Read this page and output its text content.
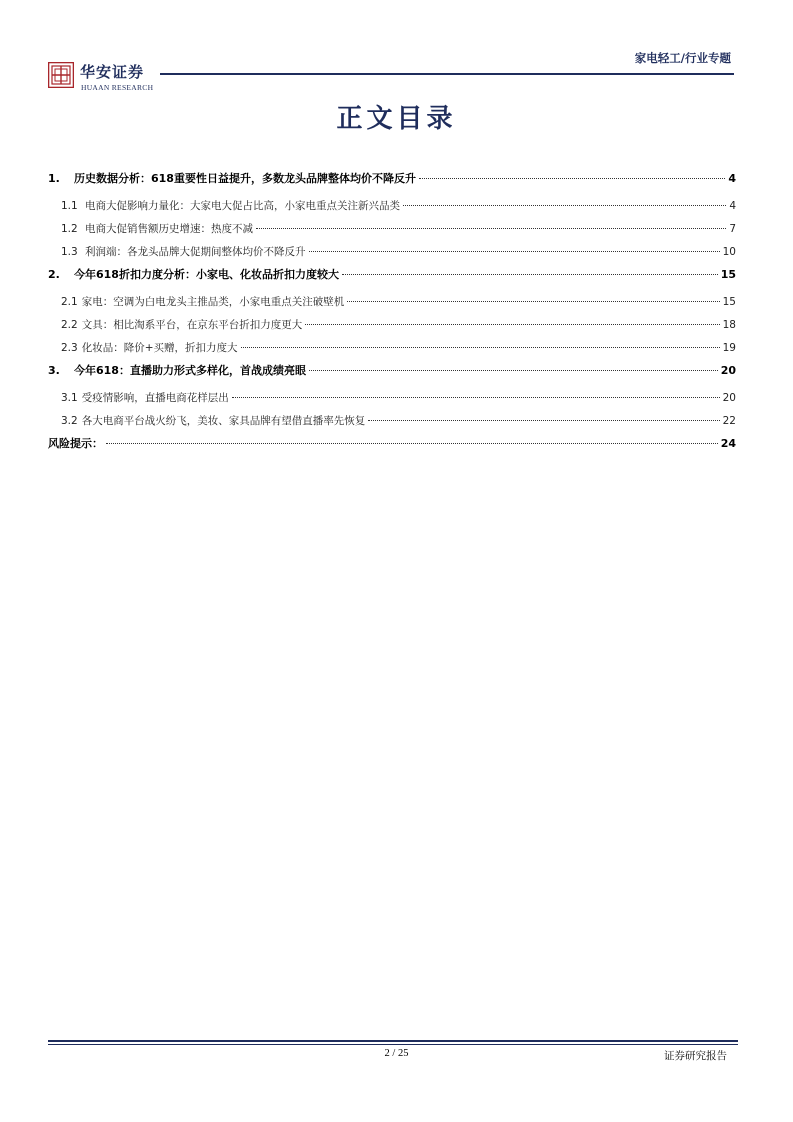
华安证券
HUAAN RESEARCH
家电轻工/行业专题
正文目录
1. 历史数据分析：618重要性日益提升，多数龙头品牌整体均价不降反升	4
1.1 电商大促影响力量化：大家电大促占比高，小家电重点关注新兴品类	4
1.2 电商大促销售额历史增速：热度不减	7
1.3 利润端：各龙头品牌大促期间整体均价不降反升	10
2. 今年618折扣力度分析：小家电、化妆品折扣力度较大	15
2.1 家电：空调为白电龙头主推品类，小家电重点关注破壁机	15
2.2 文具：相比淘系平台，在京东平台折扣力度更大	18
2.3 化妆品：降价+买赠，折扣力度大	19
3. 今年618：直播助力形式多样化，首战成绩亮眼	20
3.1 受疫情影响，直播电商花样层出	20
3.2 各大电商平台战火纷飞，美妆、家具品牌有望借直播率先恢复	22
风险提示：	24
2 / 25	证券研究报告
